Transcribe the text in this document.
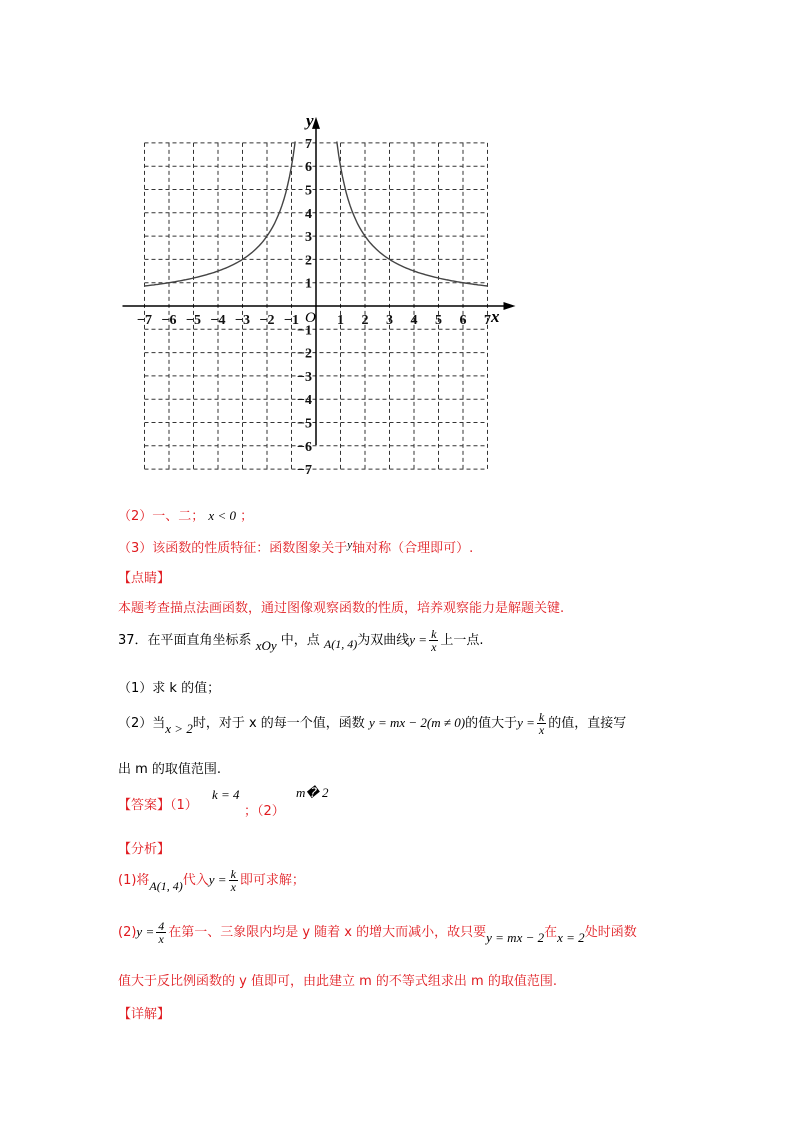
−7 −6 −5 −4 −3 −2 −1	1 2 3 4 5 6 7
7
6
5
4
3
2
1
−1
−2
−3
−4
−5
−6
−7
x
y
O
（2）一、二； x < 0 ；
（3）该函数的性质特征：函数图象关于$^y$轴对称（合理即可）.
【点睛】
本题考查描点法画函数，通过图像观察函数的性质，培养观察能力是解题关键.
37．在平面直角坐标系 xOy 中，点 A(1, 4)为双曲线$y = \frac{k}{x}$ 上一点.
（1）求 k 的值；
（2）当x > 2时，对于 x 的每一个值，函数 y = mx − 2(m ≠ 0)的值大于$y = \frac{k}{x}$ 的值，直接写
出 m 的取值范围.
【答案】（1）
k = 4
；（2）
m� 2
【分析】
(1)将A(1, 4)代入$y = \frac{k}{x}$ 即可求解；
$(2)y = \frac{4}{x}$ 在第一、三象限内均是 y 随着 x 的增大而减小，故只要y = mx − 2在x = 2处时函数
值大于反比例函数的 y 值即可，由此建立 m 的不等式组求出 m 的取值范围.
【详解】
